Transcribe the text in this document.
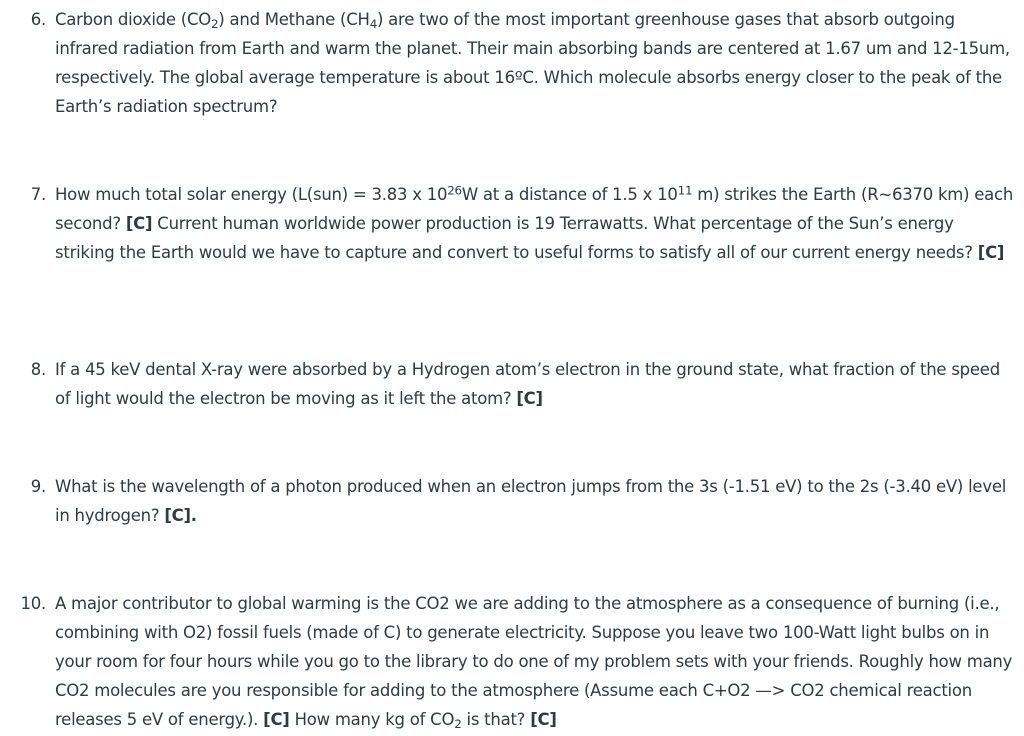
6. Carbon dioxide $(CO_2)$ and Methane $(CH_4)$ are two of the most important greenhouse gases that absorb outgoing infrared radiation from Earth and warm the planet. Their main absorbing bands are centered at 1.67 um and 12-15um, respectively. The global average temperature is about 16ºC. Which molecule absorbs energy closer to the peak of the Earth’s radiation spectrum?
7. How much total solar energy (L(sun) = 3.83 x $10^{26}W$ at a distance of 1.5 x $10^{11}$ m) strikes the Earth (R~6370 km) each second? [C] Current human worldwide power production is 19 Terrawatts. What percentage of the Sun’s energy striking the Earth would we have to capture and convert to useful forms to satisfy all of our current energy needs? [C]
8. If a 45 keV dental X-ray were absorbed by a Hydrogen atom’s electron in the ground state, what fraction of the speed of light would the electron be moving as it left the atom? [C]
9. What is the wavelength of a photon produced when an electron jumps from the 3s (-1.51 eV) to the 2s (-3.40 eV) level in hydrogen? [C].
10. A major contributor to global warming is the CO2 we are adding to the atmosphere as a consequence of burning (i.e., combining with O2) fossil fuels (made of C) to generate electricity. Suppose you leave two 100-Watt light bulbs on in your room for four hours while you go to the library to do one of my problem sets with your friends. Roughly how many CO2 molecules are you responsible for adding to the atmosphere (Assume each C+O2 —> CO2 chemical reaction releases 5 eV of energy.). [C] How many kg of $CO_2$ is that? [C]
